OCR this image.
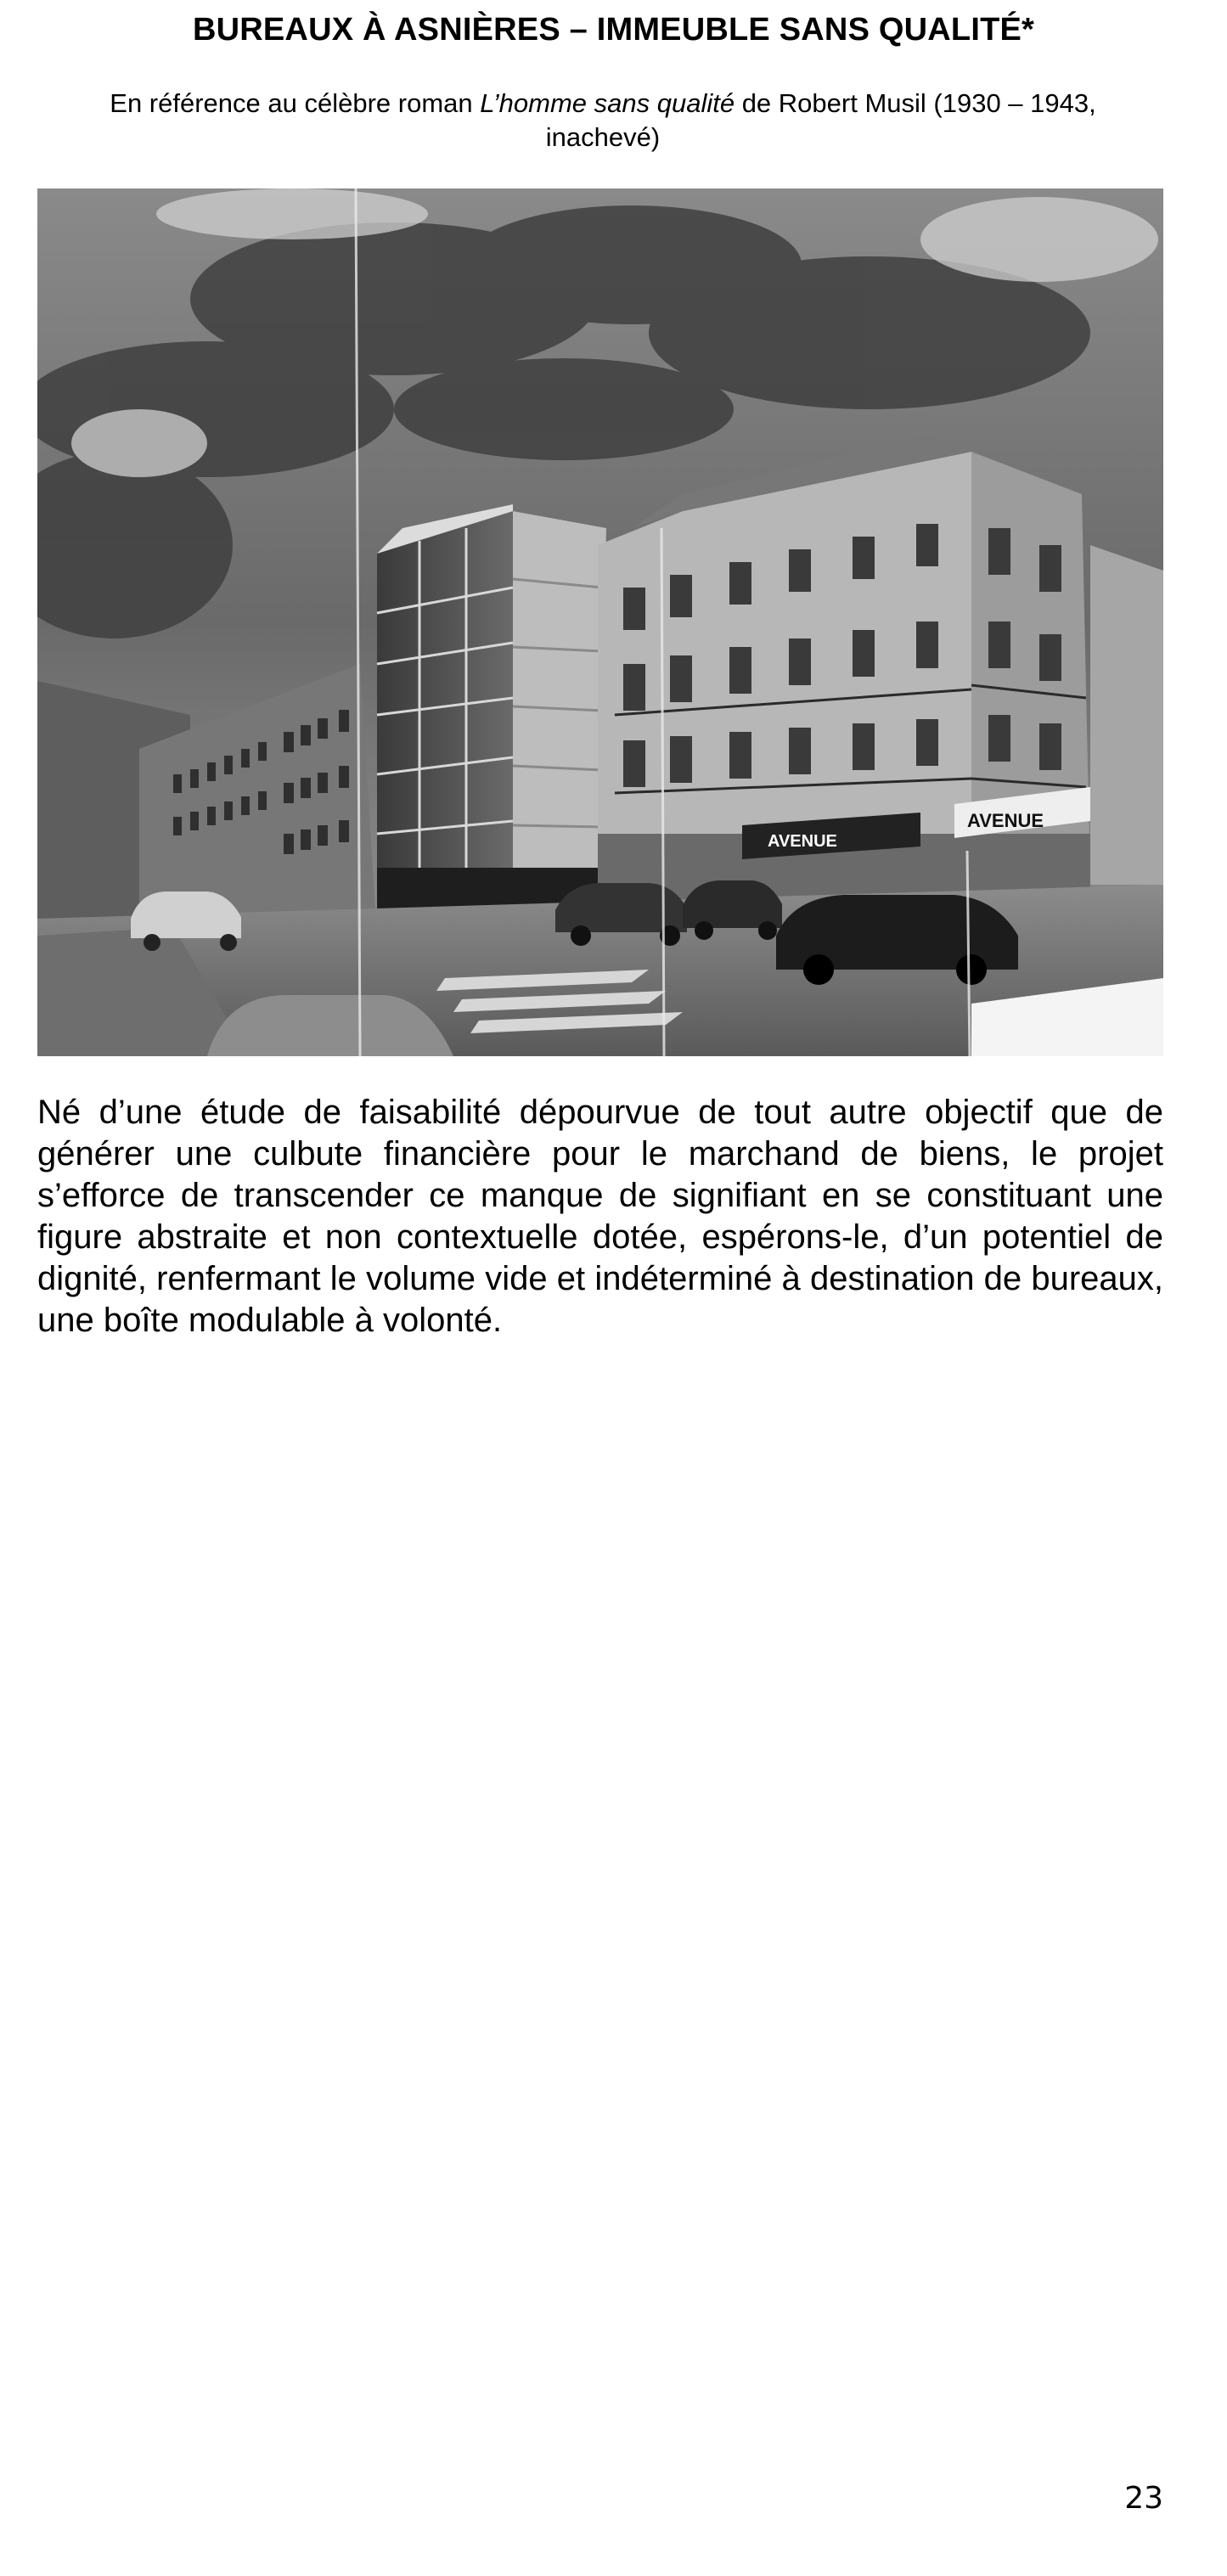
BUREAUX À ASNIÈRES – IMMEUBLE SANS QUALITÉ*
En référence au célèbre roman L’homme sans qualité de Robert Musil (1930 – 1943, inachevé)
AVENUE
AVENUE
Né d’une étude de faisabilité dépourvue de tout autre objectif que de générer une culbute financière pour le marchand de biens, le projet s’efforce de transcender ce manque de signifiant en se constituant une figure abstraite et non contextuelle dotée, espérons-le, d’un potentiel de dignité, renfermant le volume vide et indéterminé à destination de bureaux, une boîte modulable à volonté.
23
